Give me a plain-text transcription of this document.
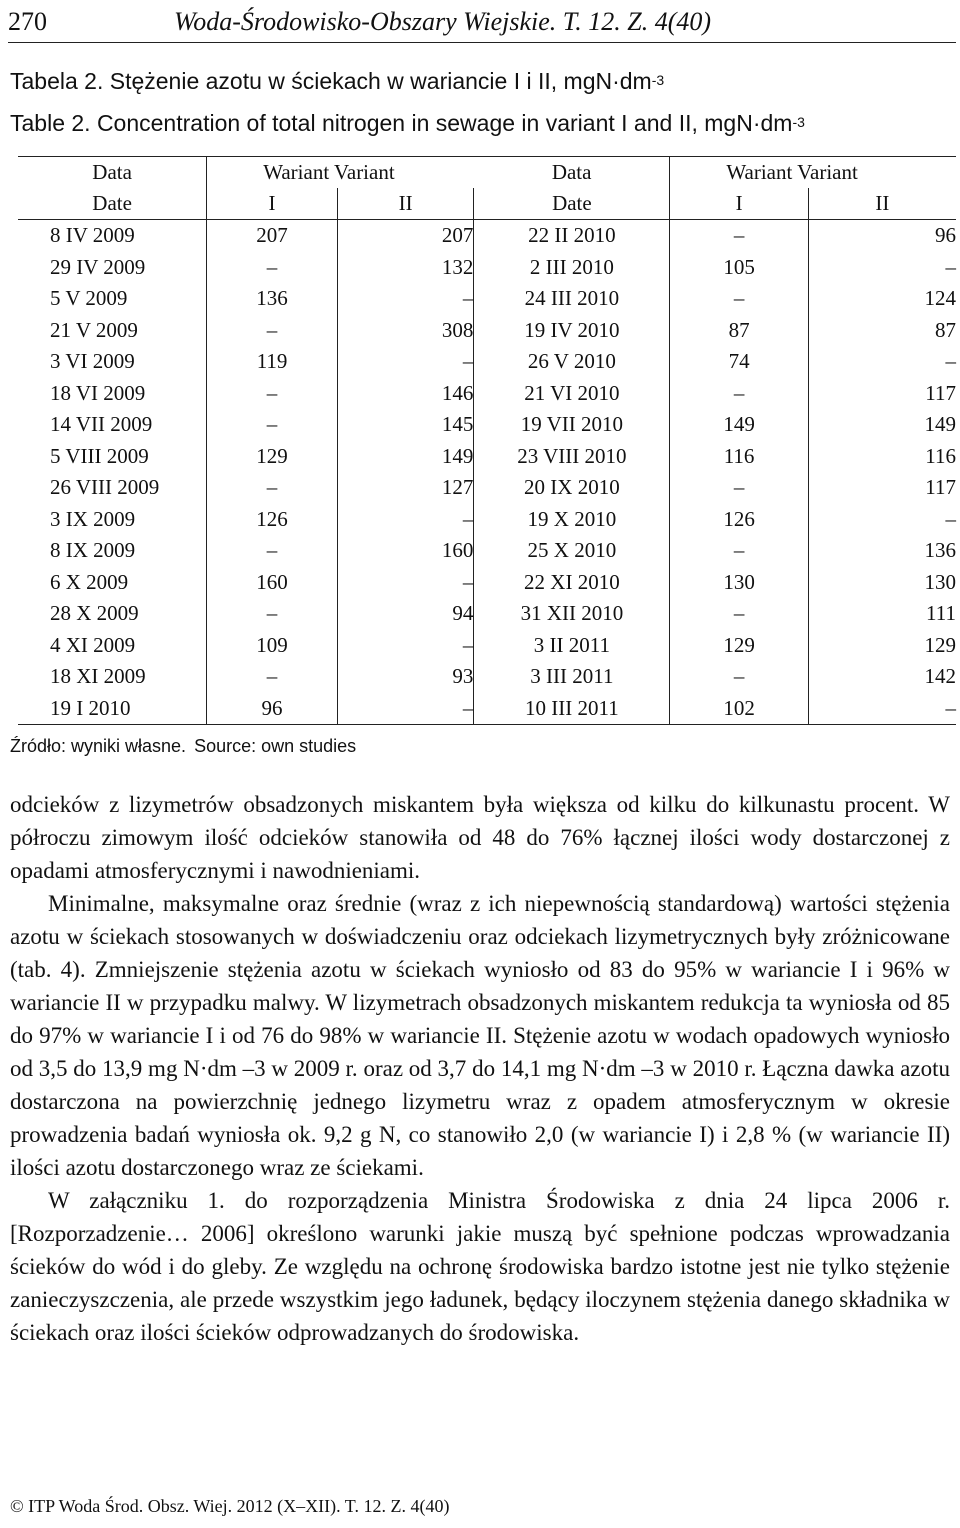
270	Woda-Środowisko-Obszary Wiejskie. T. 12. Z. 4(40)
Tabela 2. Stężenie azotu w ściekach w wariancie I i II, $mgN\cdot dm^{-3}$
Table 2. Concentration of total nitrogen in sewage in variant I and II, $mgN\cdot dm^{-3}$
Data	Wariant Variant		Data	Wariant Variant	
Date	I	II	Date	I	II
8 IV 2009	207	207	22 II 2010	–	96
29 IV 2009	–	132	2 III 2010	105	–
5 V 2009	136	–	24 III 2010	–	124
21 V 2009	–	308	19 IV 2010	87	87
3 VI 2009	119	–	26 V 2010	74	–
18 VI 2009	–	146	21 VI 2010	–	117
14 VII 2009	–	145	19 VII 2010	149	149
5 VIII 2009	129	149	23 VIII 2010	116	116
26 VIII 2009	–	127	20 IX 2010	–	117
3 IX 2009	126	–	19 X 2010	126	–
8 IX 2009	–	160	25 X 2010	–	136
6 X 2009	160	–	22 XI 2010	130	130
28 X 2009	–	94	31 XII 2010	–	111
4 XI 2009	109	–	3 II 2011	129	129
18 XI 2009	–	93	3 III 2011	–	142
19 I 2010	96	–	10 III 2011	102	–
Źródło: wyniki własne. Source: own studies

odcieków z lizymetrów obsadzonych miskantem była większa od kilku do kilkunastu procent. W półroczu zimowym ilość odcieków stanowiła od 48 do 76% łącznej ilości wody dostarczonej z opadami atmosferycznymi i nawodnieniami.

Minimalne, maksymalne oraz średnie (wraz z ich niepewnością standardową) wartości stężenia azotu w ściekach stosowanych w doświadczeniu oraz odciekach lizymetrycznych były zróżnicowane (tab. 4). Zmniejszenie stężenia azotu w ściekach wyniosło od 83 do 95% w wariancie I i 96% w wariancie II w przypadku malwy. W lizymetrach obsadzonych miskantem redukcja ta wyniosła od 85 do 97% w wariancie I i od 76 do 98% w wariancie II. Stężenie azotu w wodach opadowych wyniosło od 3,5 do 13,9 mg N·dm –3 w 2009 r. oraz od 3,7 do 14,1 mg N·dm –3 w 2010 r. Łączna dawka azotu dostarczona na powierzchnię jednego lizymetru wraz z opadem atmosferycznym w okresie prowadzenia badań wyniosła ok. 9,2 g N, co stanowiło 2,0 (w wariancie I) i 2,8 % (w wariancie II) ilości azotu dostarczonego wraz ze ściekami.

W załączniku 1. do rozporządzenia Ministra Środowiska z dnia 24 lipca 2006 r. [Rozporzadzenie… 2006] określono warunki jakie muszą być spełnione podczas wprowadzania ścieków do wód i do gleby. Ze względu na ochronę środowiska bardzo istotne jest nie tylko stężenie zanieczyszczenia, ale przede wszystkim jego ładunek, będący iloczynem stężenia danego składnika w ściekach oraz ilości ścieków odprowadzanych do środowiska.

© ITP Woda Środ. Obsz. Wiej. 2012 (X–XII). T. 12. Z. 4(40)
